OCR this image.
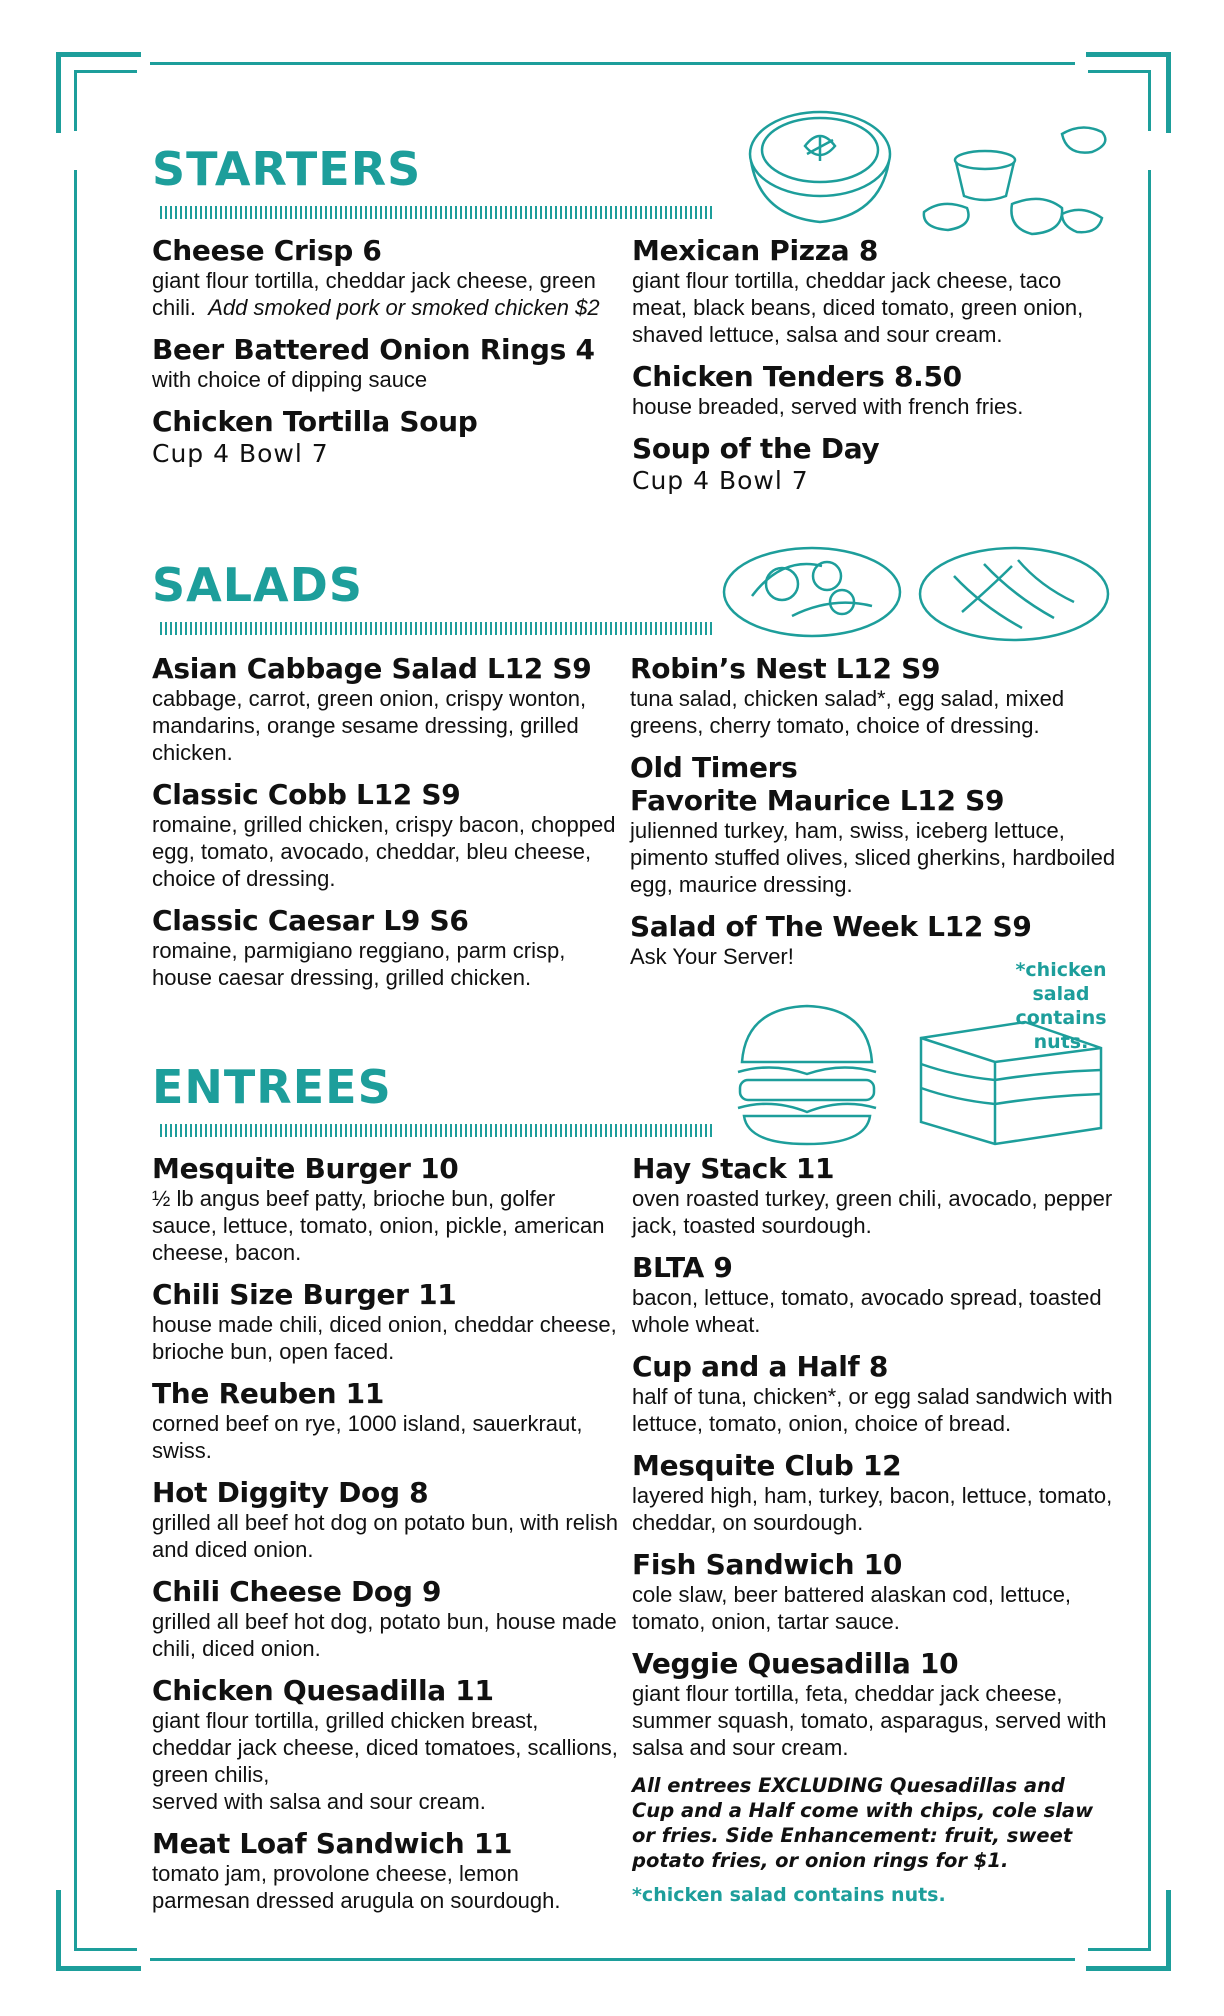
STARTERS
Cheese Crisp 6
giant flour tortilla, cheddar jack cheese, green chili. Add smoked pork or smoked chicken $2
Beer Battered Onion Rings 4
with choice of dipping sauce
Chicken Tortilla Soup
Cup 4 Bowl 7
Mexican Pizza 8
giant flour tortilla, cheddar jack cheese, taco meat, black beans, diced tomato, green onion, shaved lettuce, salsa and sour cream.
Chicken Tenders 8.50
house breaded, served with french fries.
Soup of the Day
Cup 4 Bowl 7
SALADS
Asian Cabbage Salad L12 S9
cabbage, carrot, green onion, crispy wonton, mandarins, orange sesame dressing, grilled chicken.
Classic Cobb L12 S9
romaine, grilled chicken, crispy bacon, chopped egg, tomato, avocado, cheddar, bleu cheese, choice of dressing.
Classic Caesar L9 S6
romaine, parmigiano reggiano, parm crisp, house caesar dressing, grilled chicken.
Robin’s Nest L12 S9
tuna salad, chicken salad*, egg salad, mixed greens, cherry tomato, choice of dressing.
Old Timers
Favorite Maurice L12 S9
julienned turkey, ham, swiss, iceberg lettuce, pimento stuffed olives, sliced gherkins, hardboiled egg, maurice dressing.
Salad of The Week L12 S9
Ask Your Server!
*chicken salad contains nuts.
ENTREES
Mesquite Burger 10
½ lb angus beef patty, brioche bun, golfer sauce, lettuce, tomato, onion, pickle, american cheese, bacon.
Chili Size Burger 11
house made chili, diced onion, cheddar cheese, brioche bun, open faced.
The Reuben 11
corned beef on rye, 1000 island, sauerkraut, swiss.
Hot Diggity Dog 8
grilled all beef hot dog on potato bun, with relish and diced onion.
Chili Cheese Dog 9
grilled all beef hot dog, potato bun, house made chili, diced onion.
Chicken Quesadilla 11
giant flour tortilla, grilled chicken breast, cheddar jack cheese, diced tomatoes, scallions, green chilis,
served with salsa and sour cream.
Meat Loaf Sandwich 11
tomato jam, provolone cheese, lemon parmesan dressed arugula on sourdough.
Hay Stack 11
oven roasted turkey, green chili, avocado, pepper jack, toasted sourdough.
BLTA 9
bacon, lettuce, tomato, avocado spread, toasted whole wheat.
Cup and a Half 8
half of tuna, chicken*, or egg salad sandwich with lettuce, tomato, onion, choice of bread.
Mesquite Club 12
layered high, ham, turkey, bacon, lettuce, tomato, cheddar, on sourdough.
Fish Sandwich 10
cole slaw, beer battered alaskan cod, lettuce, tomato, onion, tartar sauce.
Veggie Quesadilla 10
giant flour tortilla, feta, cheddar jack cheese, summer squash, tomato, asparagus, served with salsa and sour cream.
All entrees EXCLUDING Quesadillas and Cup and a Half come with chips, cole slaw or fries. Side Enhancement: fruit, sweet potato fries, or onion rings for $1.
*chicken salad contains nuts.
